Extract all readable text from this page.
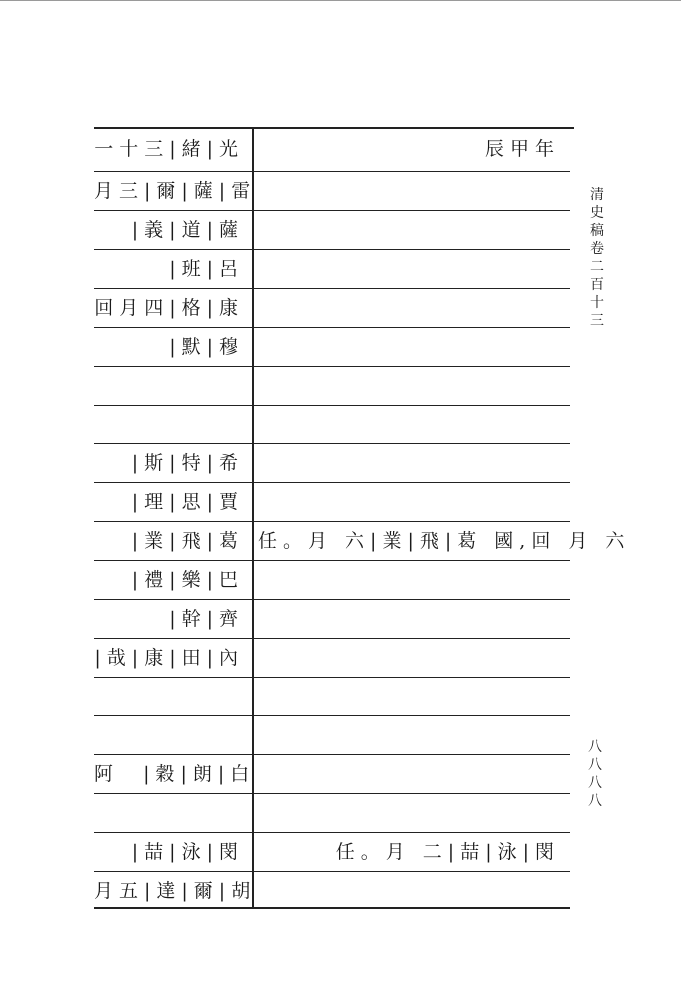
一十三|緒|光	辰甲年
月三|爾|薩|雷
|義|道|薩
|班|呂
回月四|格|康
|默|穆
|斯|特|希
|理|思|賈
|業|飛|葛 任。月 六|業|飛|葛 國,回 月 六
|禮|樂|巴
|幹|齊
|哉|康|田|內
阿  |穀|朗|白
|喆|泳|閔	任。月 二|喆|泳|閔
月五|達|爾|胡
清史稿卷二百十三
八八八八
